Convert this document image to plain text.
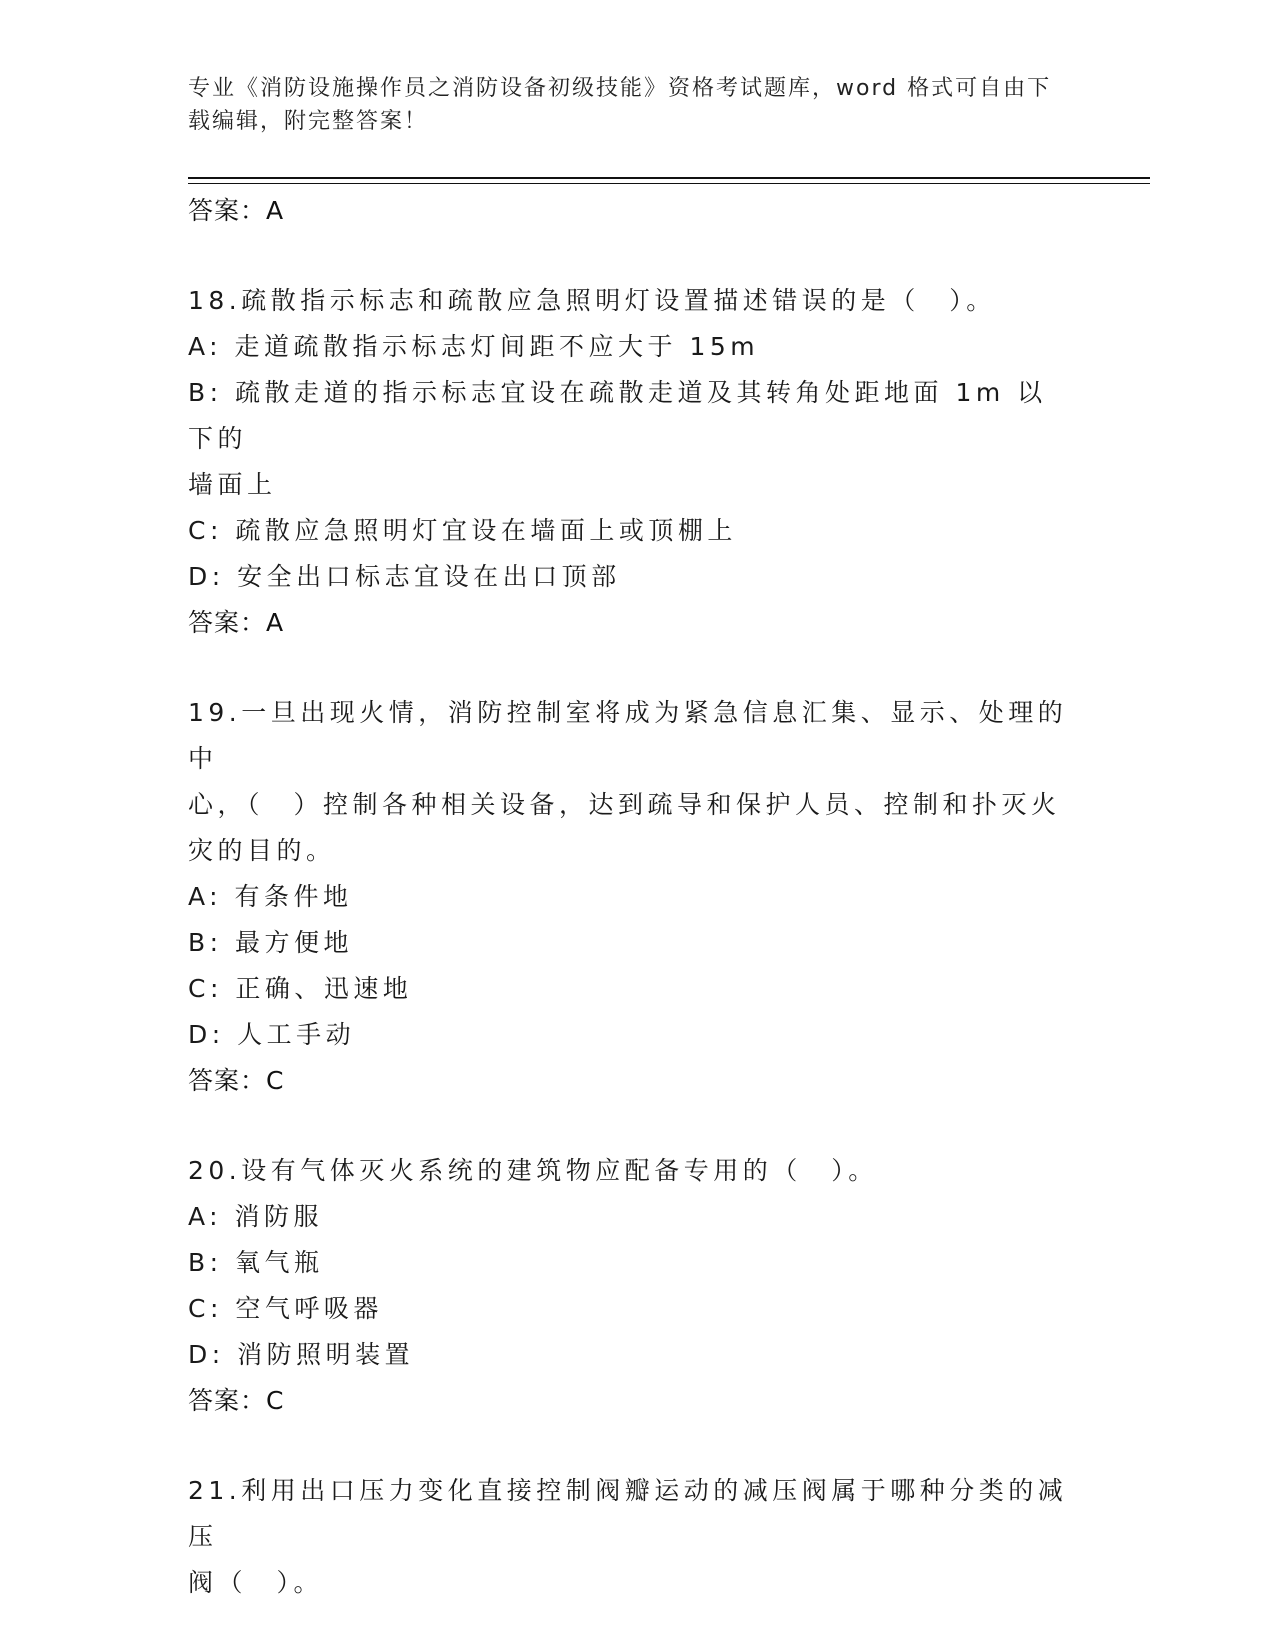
专业《消防设施操作员之消防设备初级技能》资格考试题库，word 格式可自由下
载编辑，附完整答案！
答案：A
18.疏散指示标志和疏散应急照明灯设置描述错误的是（　）。
A: 走道疏散指示标志灯间距不应大于 15m
B: 疏散走道的指示标志宜设在疏散走道及其转角处距地面 1m 以下的
墙面上
C: 疏散应急照明灯宜设在墙面上或顶棚上
D: 安全出口标志宜设在出口顶部
答案：A
19.一旦出现火情，消防控制室将成为紧急信息汇集、显示、处理的中
心，（　）控制各种相关设备，达到疏导和保护人员、控制和扑灭火
灾的目的。
A: 有条件地
B: 最方便地
C: 正确、迅速地
D: 人工手动
答案：C
20.设有气体灭火系统的建筑物应配备专用的（　）。
A: 消防服
B: 氧气瓶
C: 空气呼吸器
D: 消防照明装置
答案：C
21.利用出口压力变化直接控制阀瓣运动的减压阀属于哪种分类的减压
阀（　）。
